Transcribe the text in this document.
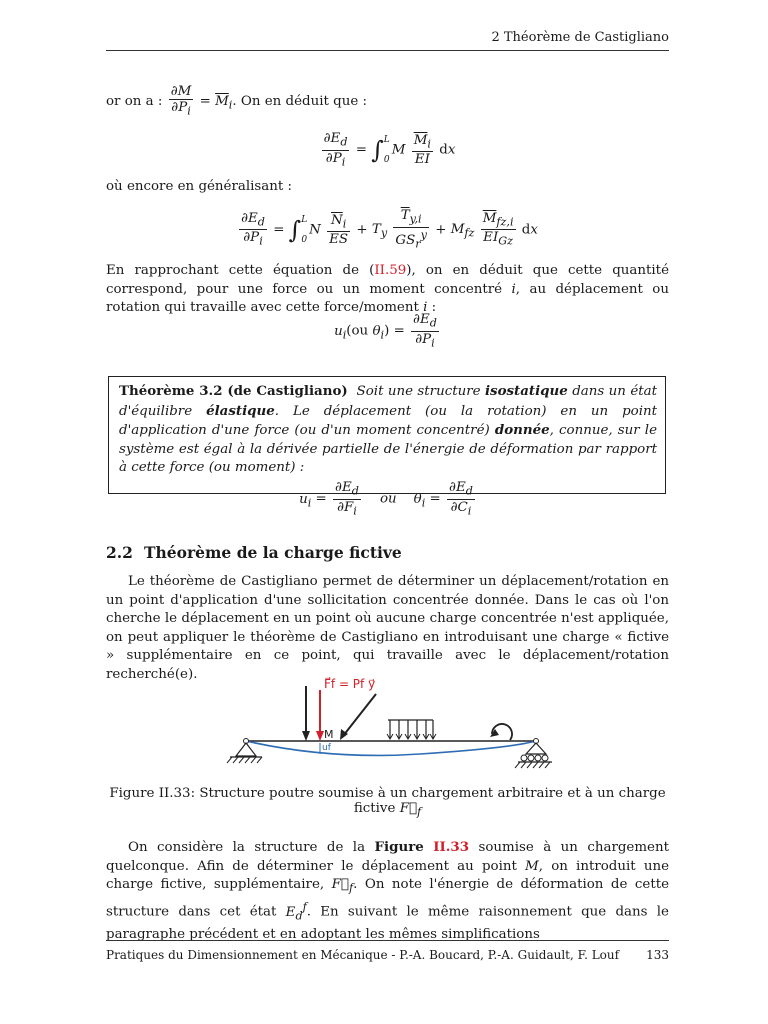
2 Théorème de Castigliano
or on a : $\frac{\partial M}{\partial P_i} = \overline{M}_i$. On en déduit que :
$\frac{\partial E_d}{\partial P_i}$ = ∫ L
0
M $\frac{\overline{M}_i}{EI}$ dx
où encore en généralisant :
$\frac{\partial E_d}{\partial P_i}$ = ∫ L
0
N $\frac{\overline{N}_i}{ES} + T_y \frac{\overline{T}_{y,i}}{GS_r^y} + M_{fz} \frac{\overline{M}_{fz,i}}{EI_{Gz}}$ dx
En rapprochant cette équation de (II.59), on en déduit que cette quantité correspond, pour une force ou un moment concentré i, au déplacement ou rotation qui travaille avec cette force/moment i :
$u_i(ou$ $\theta_i) = \frac{\partial E_d}{\partial P_i}$
Théorème 3.2 (de Castigliano) Soit une structure isostatique dans un état d'équilibre élastique. Le déplacement (ou la rotation) en un point d'application d'une force (ou d'un moment concentré) donnée, connue, sur le système est égal à la dérivée partielle de l'énergie de déformation par rapport à cette force (ou moment) :
$u_i = \frac{\partial E_d}{\partial F_i}$ ou $\theta_i = \frac{\partial E_d}{\partial C_i}$
2.2 Théorème de la charge fictive

Le théorème de Castigliano permet de déterminer un déplacement/rotation en un point d'application d'une sollicitation concentrée donnée. Dans le cas où l'on cherche le déplacement en un point où aucune charge concentrée n'est appliquée, on peut appliquer le théorème de Castigliano en introduisant une charge « fictive » supplémentaire en ce point, qui travaille avec le déplacement/rotation recherché(e).

F⃗f = Pf y⃗
M
uf
Figure II.33: Structure poutre soumise à un chargement arbitraire et à un charge fictive $F⃗_f$

On considère la structure de la Figure II.33 soumise à un chargement quelconque. Afin de déterminer le déplacement au point M, on introduit une charge fictive, supplémentaire, $F⃗_f$. On note l'énergie de déformation de cette structure dans cet état $E_d^f$. En suivant le même raisonnement que dans le paragraphe précédent et en adoptant les mêmes simplifications

Pratiques du Dimensionnement en Mécanique - P.-A. Boucard, P.-A. Guidault, F. Louf 133
